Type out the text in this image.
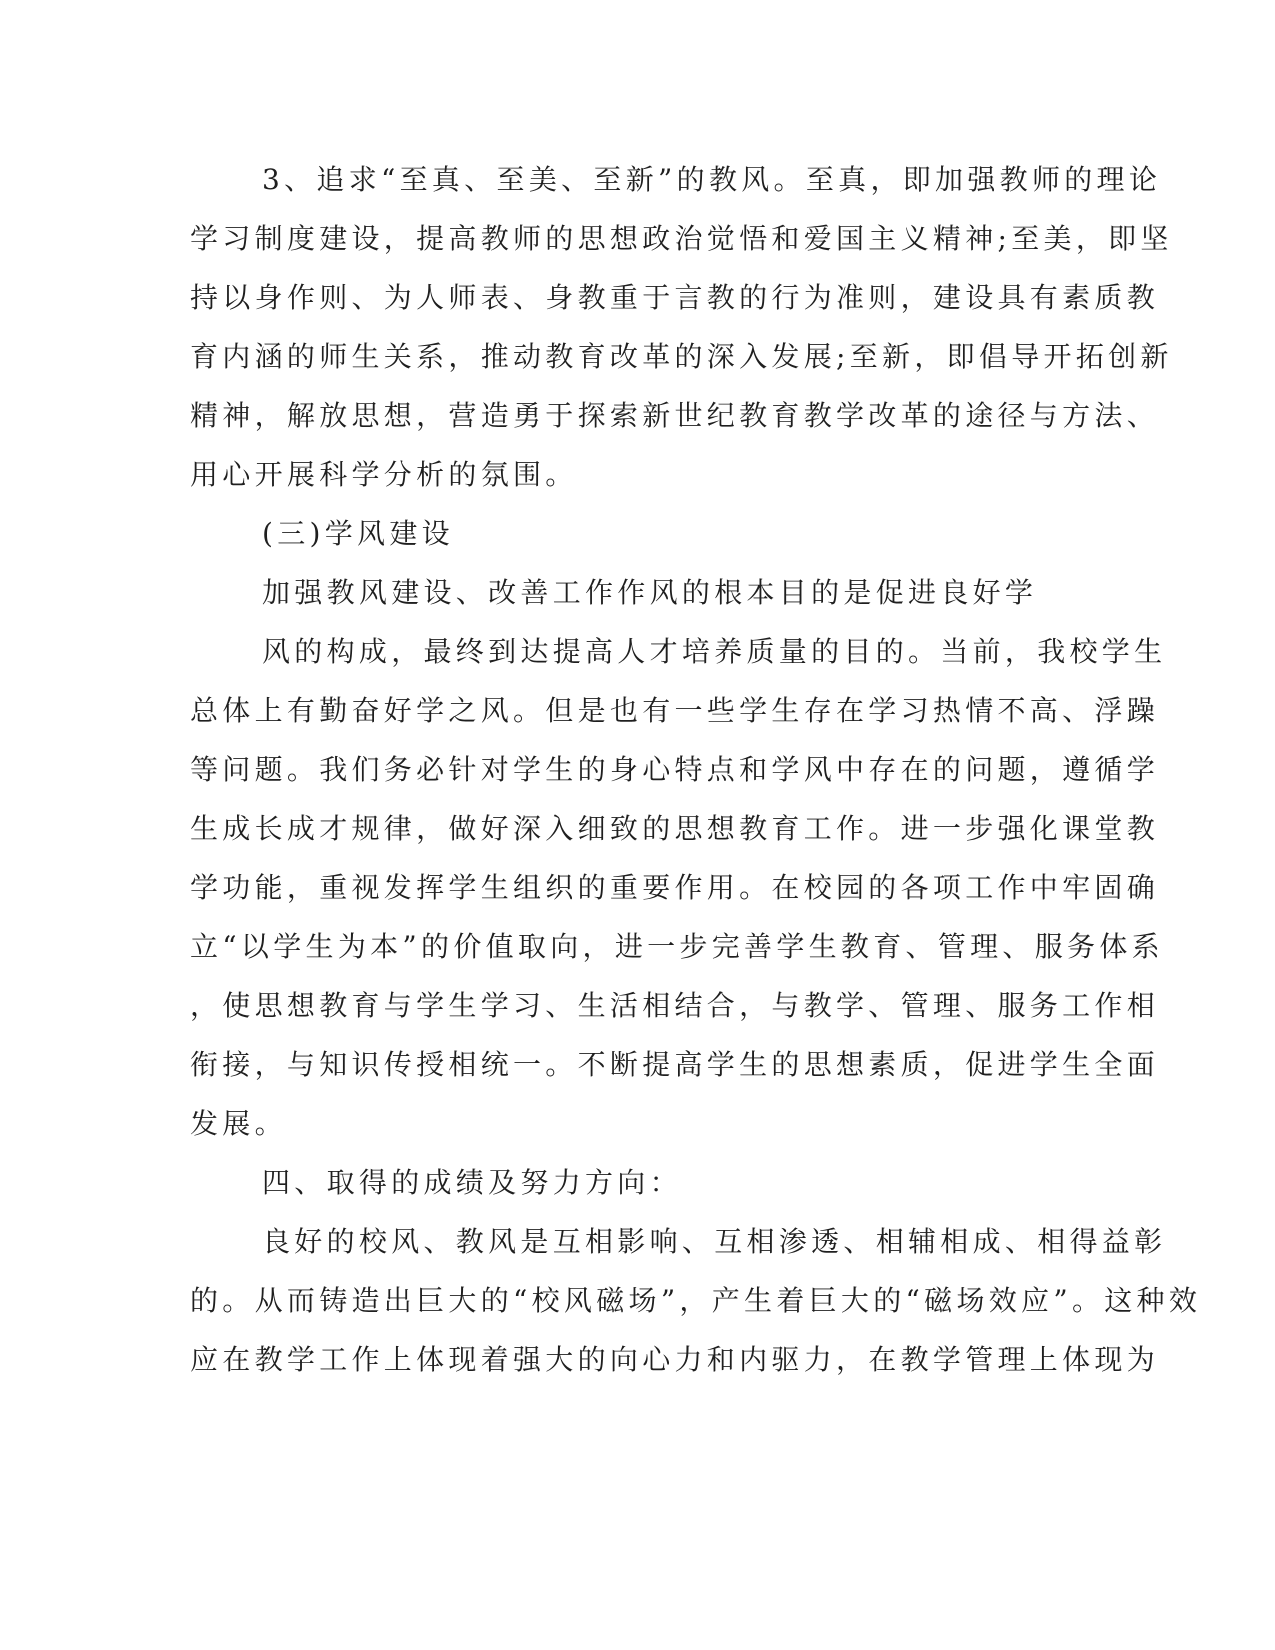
3、追求“至真、至美、至新”的教风。至真，即加强教师的理论
学习制度建设，提高教师的思想政治觉悟和爱国主义精神;至美，即坚
持以身作则、为人师表、身教重于言教的行为准则，建设具有素质教
育内涵的师生关系，推动教育改革的深入发展;至新，即倡导开拓创新
精神，解放思想，营造勇于探索新世纪教育教学改革的途径与方法、
用心开展科学分析的氛围。
(三)学风建设
加强教风建设、改善工作作风的根本目的是促进良好学
风的构成，最终到达提高人才培养质量的目的。当前，我校学生
总体上有勤奋好学之风。但是也有一些学生存在学习热情不高、浮躁
等问题。我们务必针对学生的身心特点和学风中存在的问题，遵循学
生成长成才规律，做好深入细致的思想教育工作。进一步强化课堂教
学功能，重视发挥学生组织的重要作用。在校园的各项工作中牢固确
立“以学生为本”的价值取向，进一步完善学生教育、管理、服务体系
，使思想教育与学生学习、生活相结合，与教学、管理、服务工作相
衔接，与知识传授相统一。不断提高学生的思想素质，促进学生全面
发展。
四、取得的成绩及努力方向：
良好的校风、教风是互相影响、互相渗透、相辅相成、相得益彰
的。从而铸造出巨大的“校风磁场”，产生着巨大的“磁场效应”。这种效
应在教学工作上体现着强大的向心力和内驱力，在教学管理上体现为
